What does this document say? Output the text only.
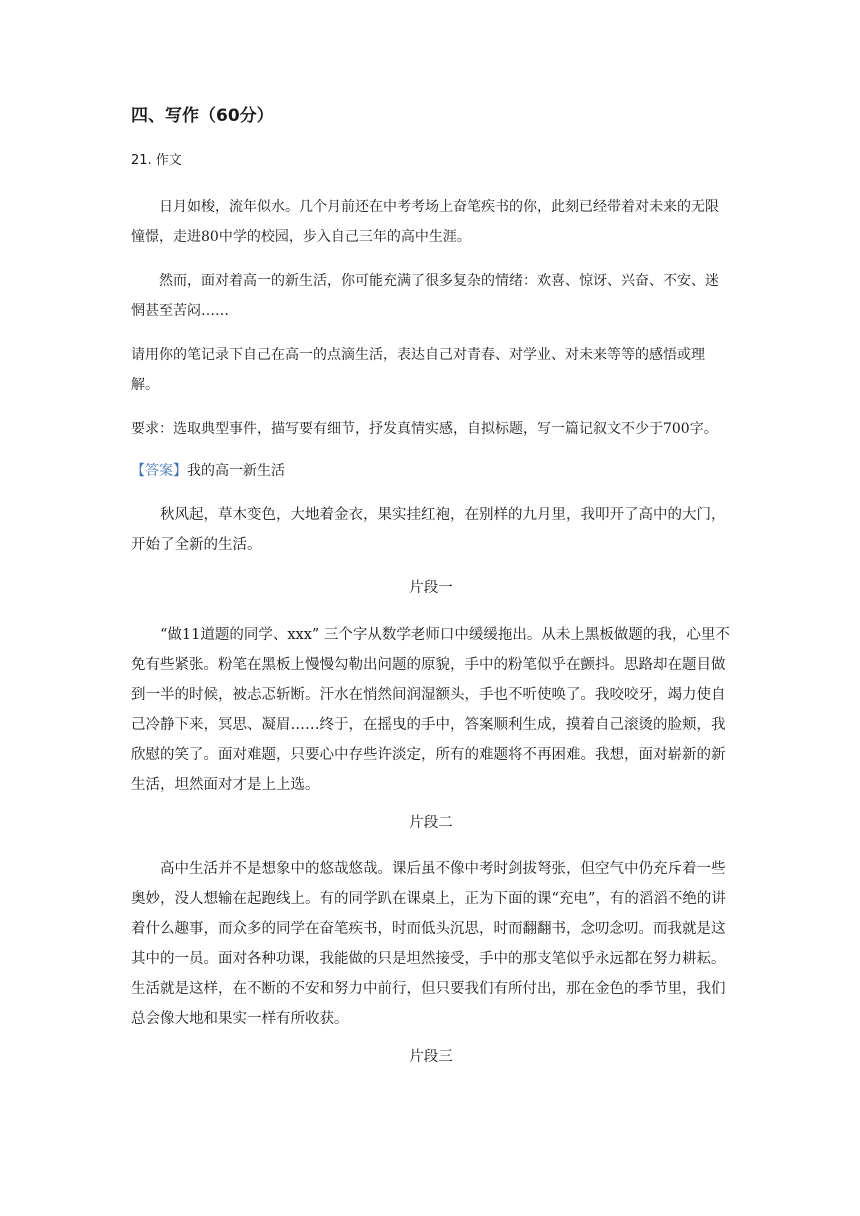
四、写作（60分）
21. 作文

日月如梭，流年似水。几个月前还在中考考场上奋笔疾书的你，此刻已经带着对未来的无限憧憬，走进80中学的校园，步入自己三年的高中生涯。

然而，面对着高一的新生活，你可能充满了很多复杂的情绪：欢喜、惊讶、兴奋、不安、迷惘甚至苦闷……

请用你的笔记录下自己在高一的点滴生活，表达自己对青春、对学业、对未来等等的感悟或理解。

要求：选取典型事件，描写要有细节，抒发真情实感，自拟标题，写一篇记叙文不少于700字。

【答案】我的高一新生活

秋风起，草木变色，大地着金衣，果实挂红袍，在别样的九月里，我叩开了高中的大门，开始了全新的生活。

片段一

“做11道题的同学、xxx” 三个字从数学老师口中缓缓拖出。从未上黑板做题的我，心里不免有些紧张。粉笔在黑板上慢慢勾勒出问题的原貌，手中的粉笔似乎在颤抖。思路却在题目做到一半的时候，被忐忑斩断。汗水在悄然间润湿额头，手也不听使唤了。我咬咬牙，竭力使自己冷静下来，冥思、凝眉……终于，在摇曳的手中，答案顺利生成，摸着自己滚烫的脸颊，我欣慰的笑了。面对难题，只要心中存些许淡定，所有的难题将不再困难。我想，面对崭新的新生活，坦然面对才是上上选。

片段二

高中生活并不是想象中的悠哉悠哉。课后虽不像中考时剑拔弩张，但空气中仍充斥着一些奥妙，没人想输在起跑线上。有的同学趴在课桌上，正为下面的课“充电”，有的滔滔不绝的讲着什么趣事，而众多的同学在奋笔疾书，时而低头沉思，时而翻翻书，念叨念叨。而我就是这其中的一员。面对各种功课，我能做的只是坦然接受，手中的那支笔似乎永远都在努力耕耘。生活就是这样，在不断的不安和努力中前行，但只要我们有所付出，那在金色的季节里，我们总会像大地和果实一样有所收获。

片段三
